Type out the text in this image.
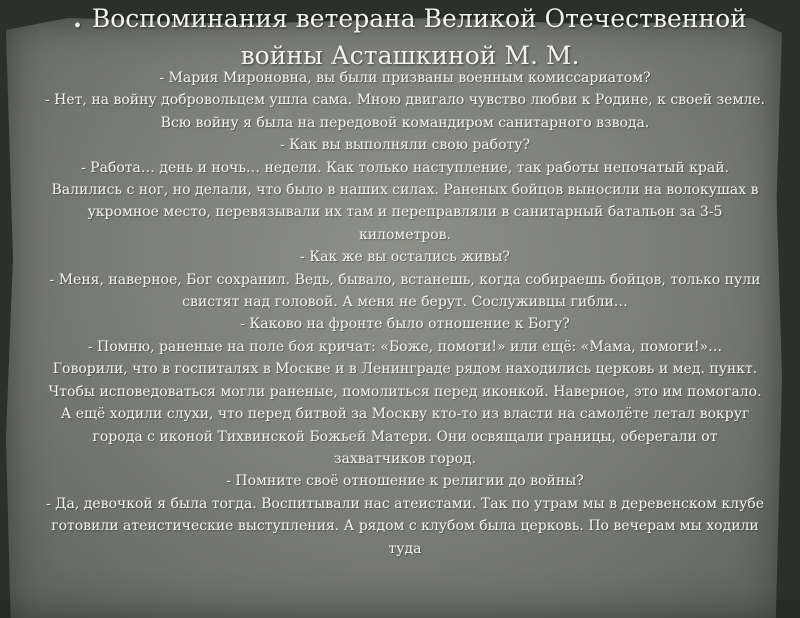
. Воспоминания ветерана Великой Отечественной
войны Асташкиной М. М.

- Мария Мироновна, вы были призваны военным комиссариатом?

- Нет, на войну добровольцем ушла сама. Мною двигало чувство любви к Родине, к своей земле. Всю войну я была на передовой командиром санитарного взвода.

- Как вы выполняли свою работу?

- Работа… день и ночь… недели. Как только наступление, так работы непочатый край. Валились с ног, но делали, что было в наших силах. Раненых бойцов выносили на волокушах в укромное место, перевязывали их там и переправляли в санитарный батальон за 3-5 километров.

- Как же вы остались живы?

- Меня, наверное, Бог сохранил. Ведь, бывало, встанешь, когда собираешь бойцов, только пули свистят над головой. А меня не берут. Сослуживцы гибли…

- Каково на фронте было отношение к Богу?

- Помню, раненые на поле боя кричат: «Боже, помоги!» или ещё: «Мама, помоги!»…

Говорили, что в госпиталях в Москве и в Ленинграде рядом находились церковь и мед. пункт. Чтобы исповедоваться могли раненые, помолиться перед иконкой. Наверное, это им помогало. А ещё ходили слухи, что перед битвой за Москву кто-то из власти на самолёте летал вокруг города с иконой Тихвинской Божьей Матери. Они освящали границы, оберегали от захватчиков город.

- Помните своё отношение к религии до войны?

- Да, девочкой я была тогда. Воспитывали нас атеистами. Так по утрам мы в деревенском клубе готовили атеистические выступления. А рядом с клубом была церковь. По вечерам мы ходили туда
